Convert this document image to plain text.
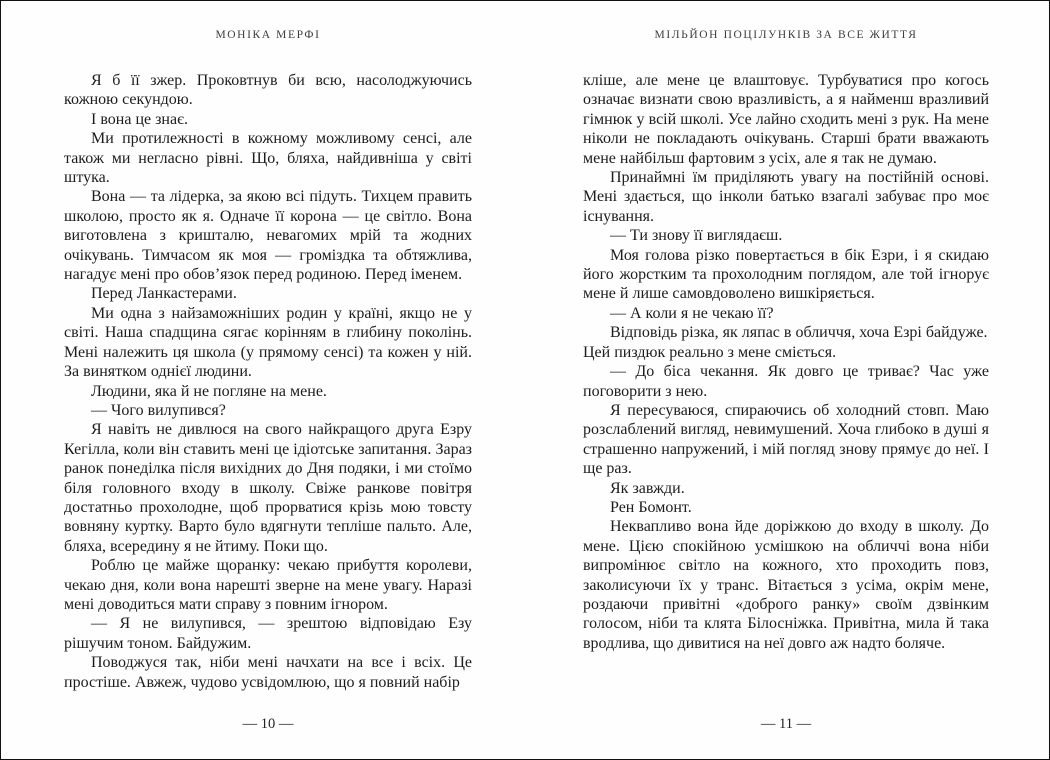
МОНІКА МЕРФІ

Я б її зжер. Проковтнув би всю, насолоджуючись кожною секундою.

І вона це знає.

Ми протилежності в кожному можливому сенсі, але також ми негласно рівні. Що, бляха, найдивніша у світі штука.

Вона — та лідерка, за якою всі підуть. Тихцем править школою, просто як я. Одначе її корона — це світло. Вона виготовлена з кришталю, невагомих мрій та жодних очікувань. Тимчасом як моя — громіздка та обтяжлива, нагадує мені про обов’язок перед родиною. Перед іменем.

Перед Ланкастерами.

Ми одна з найзаможніших родин у країні, якщо не у світі. Наша спадщина сягає корінням в глибину поколінь. Мені належить ця школа (у прямому сенсі) та кожен у ній. За винятком однієї людини.

Людини, яка й не погляне на мене.

— Чого вилупився?

Я навіть не дивлюся на свого найкращого друга Езру Кегілла, коли він ставить мені це ідіотське запитання. Зараз ранок понеділка після вихідних до Дня подяки, і ми стоїмо біля головного входу в школу. Свіже ранкове повітря достатньо прохолодне, щоб прорватися крізь мою товсту вовняну куртку. Варто було вдягнути тепліше пальто. Але, бляха, всередину я не йтиму. Поки що.

Роблю це майже щоранку: чекаю прибуття королеви, чекаю дня, коли вона нарешті зверне на мене увагу. Наразі мені доводиться мати справу з повним ігнором.

— Я не вилупився, — зрештою відповідаю Езу рішучим тоном. Байдужим.

Поводжуся так, ніби мені начхати на все і всіх. Це простіше. Авжеж, чудово усвідомлюю, що я повний набір

— 10 —
МІЛЬЙОН ПОЦІЛУНКІВ ЗА ВСЕ ЖИТТЯ

кліше, але мене це влаштовує. Турбуватися про когось означає визнати свою вразливість, а я найменш вразливий гімнюк у всій школі. Усе лайно сходить мені з рук. На мене ніколи не покладають очікувань. Старші брати вважають мене найбільш фартовим з усіх, але я так не думаю.

Принаймні їм приділяють увагу на постійній основі. Мені здається, що інколи батько взагалі забуває про моє існування.

— Ти знову її виглядаєш.

Моя голова різко повертається в бік Езри, і я скидаю його жорстким та прохолодним поглядом, але той ігнорує мене й лише самовдоволено вишкіряється.

— А коли я не чекаю її?

Відповідь різка, як ляпас в обличчя, хоча Езрі байдуже.

Цей пиздюк реально з мене сміється.

— До біса чекання. Як довго це триває? Час уже поговорити з нею.

Я пересуваюся, спираючись об холодний стовп. Маю розслаблений вигляд, невимушений. Хоча глибоко в душі я страшенно напружений, і мій погляд знову прямує до неї. І ще раз.

Як завжди.

Рен Бомонт.

Неквапливо вона йде доріжкою до входу в школу. До мене. Цією спокійною усмішкою на обличчі вона ніби випромінює світло на кожного, хто проходить повз, заколисуючи їх у транс. Вітається з усіма, окрім мене, роздаючи привітні «доброго ранку» своїм дзвінким голосом, ніби та клята Білосніжка. Привітна, мила й така вродлива, що дивитися на неї довго аж надто боляче.

— 11 —
